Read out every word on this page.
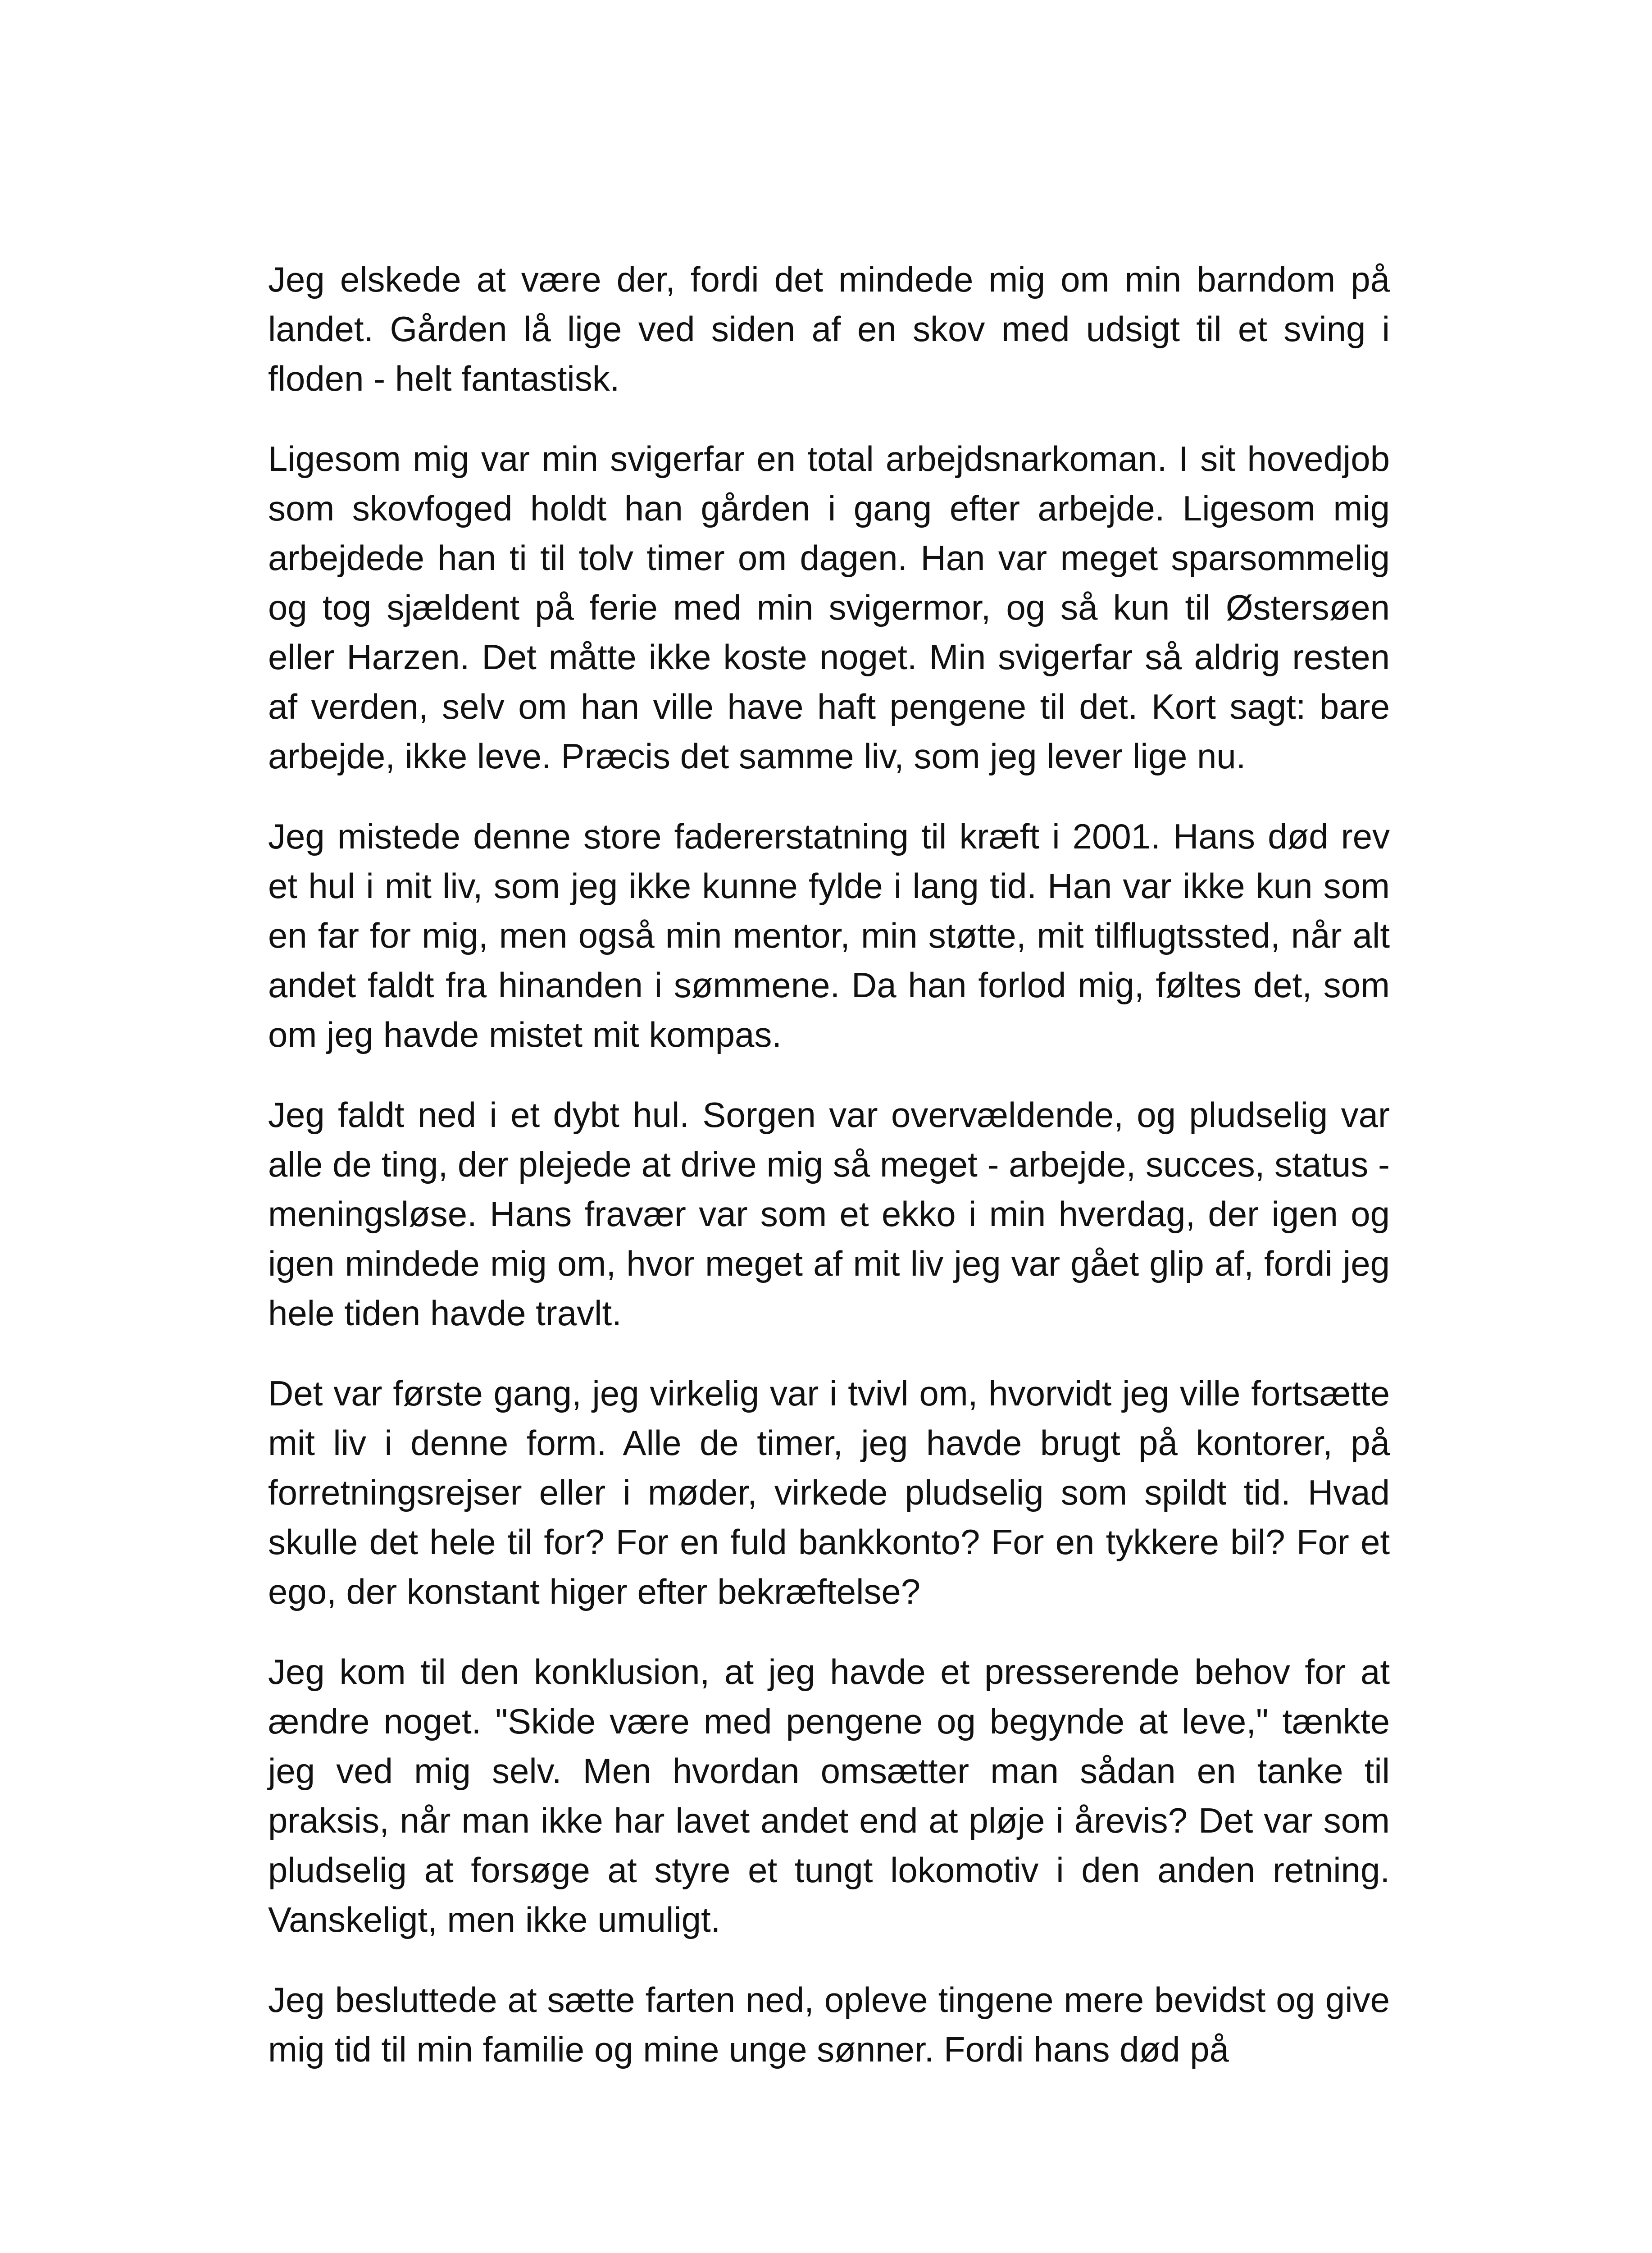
Jeg elskede at være der, fordi det mindede mig om min barndom på landet. Gården lå lige ved siden af en skov med udsigt til et sving i floden - helt fantastisk.

Ligesom mig var min svigerfar en total arbejdsnarkoman. I sit hovedjob som skovfoged holdt han gården i gang efter arbejde. Ligesom mig arbejdede han ti til tolv timer om dagen. Han var meget sparsommelig og tog sjældent på ferie med min svigermor, og så kun til Østersøen eller Harzen. Det måtte ikke koste noget. Min svigerfar så aldrig resten af verden, selv om han ville have haft pengene til det. Kort sagt: bare arbejde, ikke leve. Præcis det samme liv, som jeg lever lige nu.

Jeg mistede denne store fadererstatning til kræft i 2001. Hans død rev et hul i mit liv, som jeg ikke kunne fylde i lang tid. Han var ikke kun som en far for mig, men også min mentor, min støtte, mit tilflugtssted, når alt andet faldt fra hinanden i sømmene. Da han forlod mig, føltes det, som om jeg havde mistet mit kompas.

Jeg faldt ned i et dybt hul. Sorgen var overvældende, og pludselig var alle de ting, der plejede at drive mig så meget - arbejde, succes, status - meningsløse. Hans fravær var som et ekko i min hverdag, der igen og igen mindede mig om, hvor meget af mit liv jeg var gået glip af, fordi jeg hele tiden havde travlt.

Det var første gang, jeg virkelig var i tvivl om, hvorvidt jeg ville fortsætte mit liv i denne form. Alle de timer, jeg havde brugt på kontorer, på forretningsrejser eller i møder, virkede pludselig som spildt tid. Hvad skulle det hele til for? For en fuld bankkonto? For en tykkere bil? For et ego, der konstant higer efter bekræftelse?

Jeg kom til den konklusion, at jeg havde et presserende behov for at ændre noget. "Skide være med pengene og begynde at leve," tænkte jeg ved mig selv. Men hvordan omsætter man sådan en tanke til praksis, når man ikke har lavet andet end at pløje i årevis? Det var som pludselig at forsøge at styre et tungt lokomotiv i den anden retning. Vanskeligt, men ikke umuligt.

Jeg besluttede at sætte farten ned, opleve tingene mere bevidst og give mig tid til min familie og mine unge sønner. Fordi hans død på
